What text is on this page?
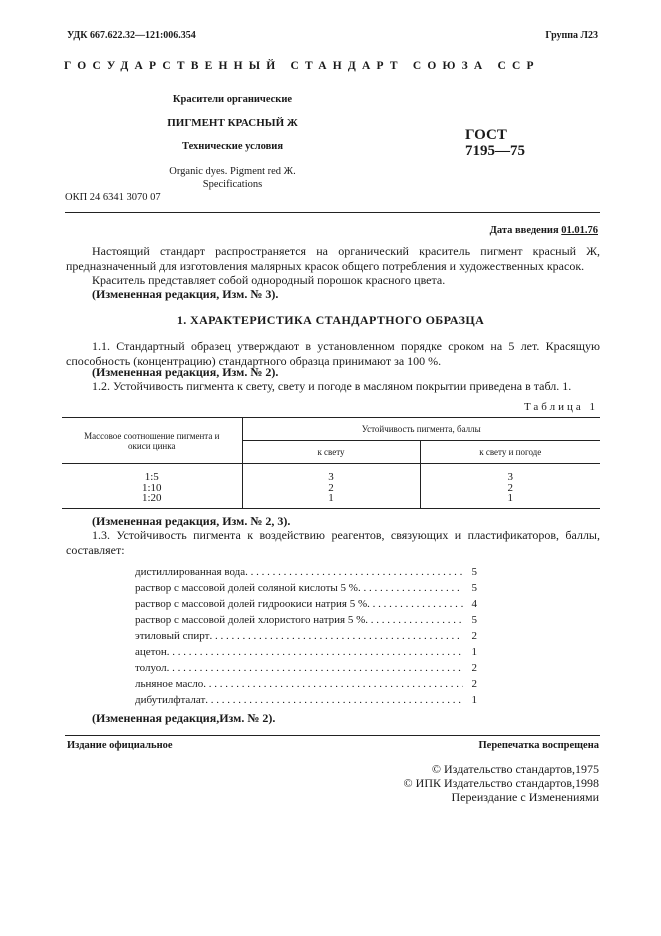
УДК 667.622.32—121:006.354	Группа Л23
ГОСУДАРСТВЕННЫЙ СТАНДАРТ СОЮЗА ССР
Красители органические
ПИГМЕНТ КРАСНЫЙ Ж
Технические условия
Organic dyes. Pigment red Ж.
Specifications
ГОСТ
7195—75
ОКП 24 6341 3070 07
Дата введения 01.01.76
Настоящий стандарт распространяется на органический краситель пигмент красный Ж, предназначенный для изготовления малярных красок общего потребления и художественных красок.
Краситель представляет собой однородный порошок красного цвета.
(Измененная редакция, Изм. № 3).
1. ХАРАКТЕРИСТИКА СТАНДАРТНОГО ОБРАЗЦА
1.1. Стандартный образец утверждают в установленном порядке сроком на 5 лет. Красящую способность (концентрацию) стандартного образца принимают за 100 %.
(Измененная редакция, Изм. № 2).
1.2. Устойчивость пигмента к свету, свету и погоде в масляном покрытии приведена в табл. 1.
Таблица 1
Массовое соотношение пигмента и окиси цинка	Устойчивость пигмента, баллы	
	к свету	к свету и погоде
1:5	3	3
1:10	2	2
1:20	1	1

(Измененная редакция, Изм. № 2, 3).
1.3. Устойчивость пигмента к воздействию реагентов, связующих и пластификаторов, баллы, составляет:
дистиллированная вода . . .	5
раствор с массовой долей соляной кислоты 5 % . . .	5
раствор с массовой долей гидроокиси натрия 5 % . . .	4
раствор с массовой долей хлористого натрия 5 % . . .	5
этиловый спирт . . .	2
ацетон . . .	1
толуол . . .	2
льняное масло . . .	2
дибутилфталат . . .	1
(Измененная редакция,Изм. № 2).
Издание официальное	Перепечатка воспрещена
© Издательство стандартов,1975
© ИПК Издательство стандартов,1998
Переиздание с Изменениями
